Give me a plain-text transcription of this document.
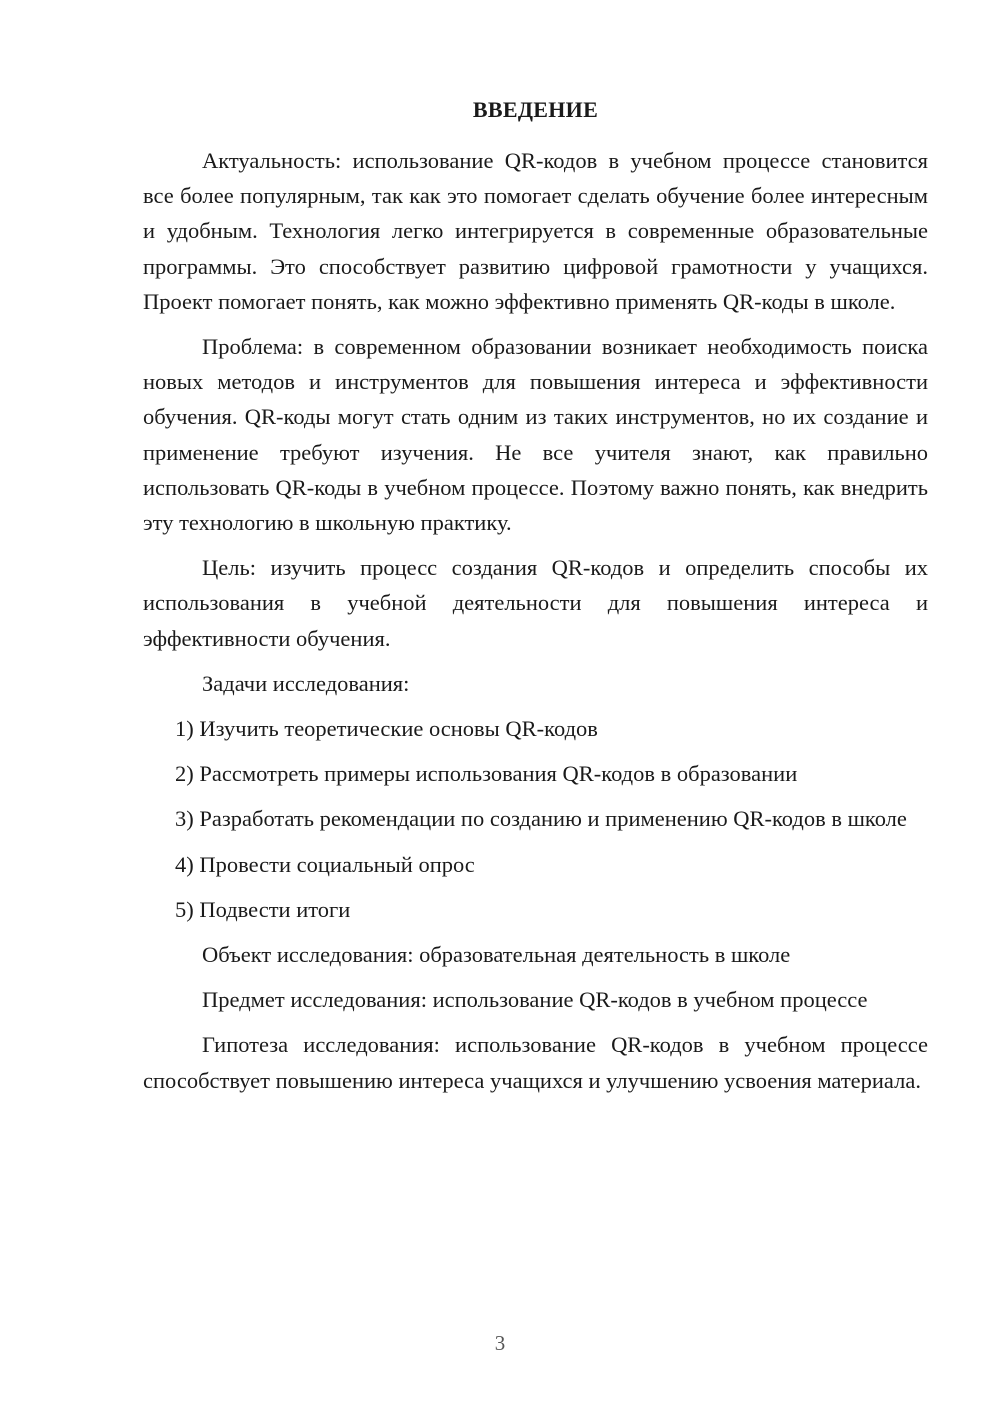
ВВЕДЕНИЕ

Актуальность: использование QR-кодов в учебном процессе становится все более популярным, так как это помогает сделать обучение более интересным и удобным. Технология легко интегрируется в современные образовательные программы. Это способствует развитию цифровой грамотности у учащихся. Проект помогает понять, как можно эффективно применять QR-коды в школе.

Проблема: в современном образовании возникает необходимость поиска новых методов и инструментов для повышения интереса и эффективности обучения. QR-коды могут стать одним из таких инструментов, но их создание и применение требуют изучения. Не все учителя знают, как правильно использовать QR-коды в учебном процессе. Поэтому важно понять, как внедрить эту технологию в школьную практику.

Цель: изучить процесс создания QR-кодов и определить способы их использования в учебной деятельности для повышения интереса и эффективности обучения.

Задачи исследования:

1) Изучить теоретические основы QR-кодов

2) Рассмотреть примеры использования QR-кодов в образовании

3) Разработать рекомендации по созданию и применению QR-кодов в школе

4) Провести социальный опрос

5) Подвести итоги

Объект исследования: образовательная деятельность в школе

Предмет исследования: использование QR-кодов в учебном процессе

Гипотеза исследования: использование QR-кодов в учебном процессе способствует повышению интереса учащихся и улучшению усвоения материала.

3
